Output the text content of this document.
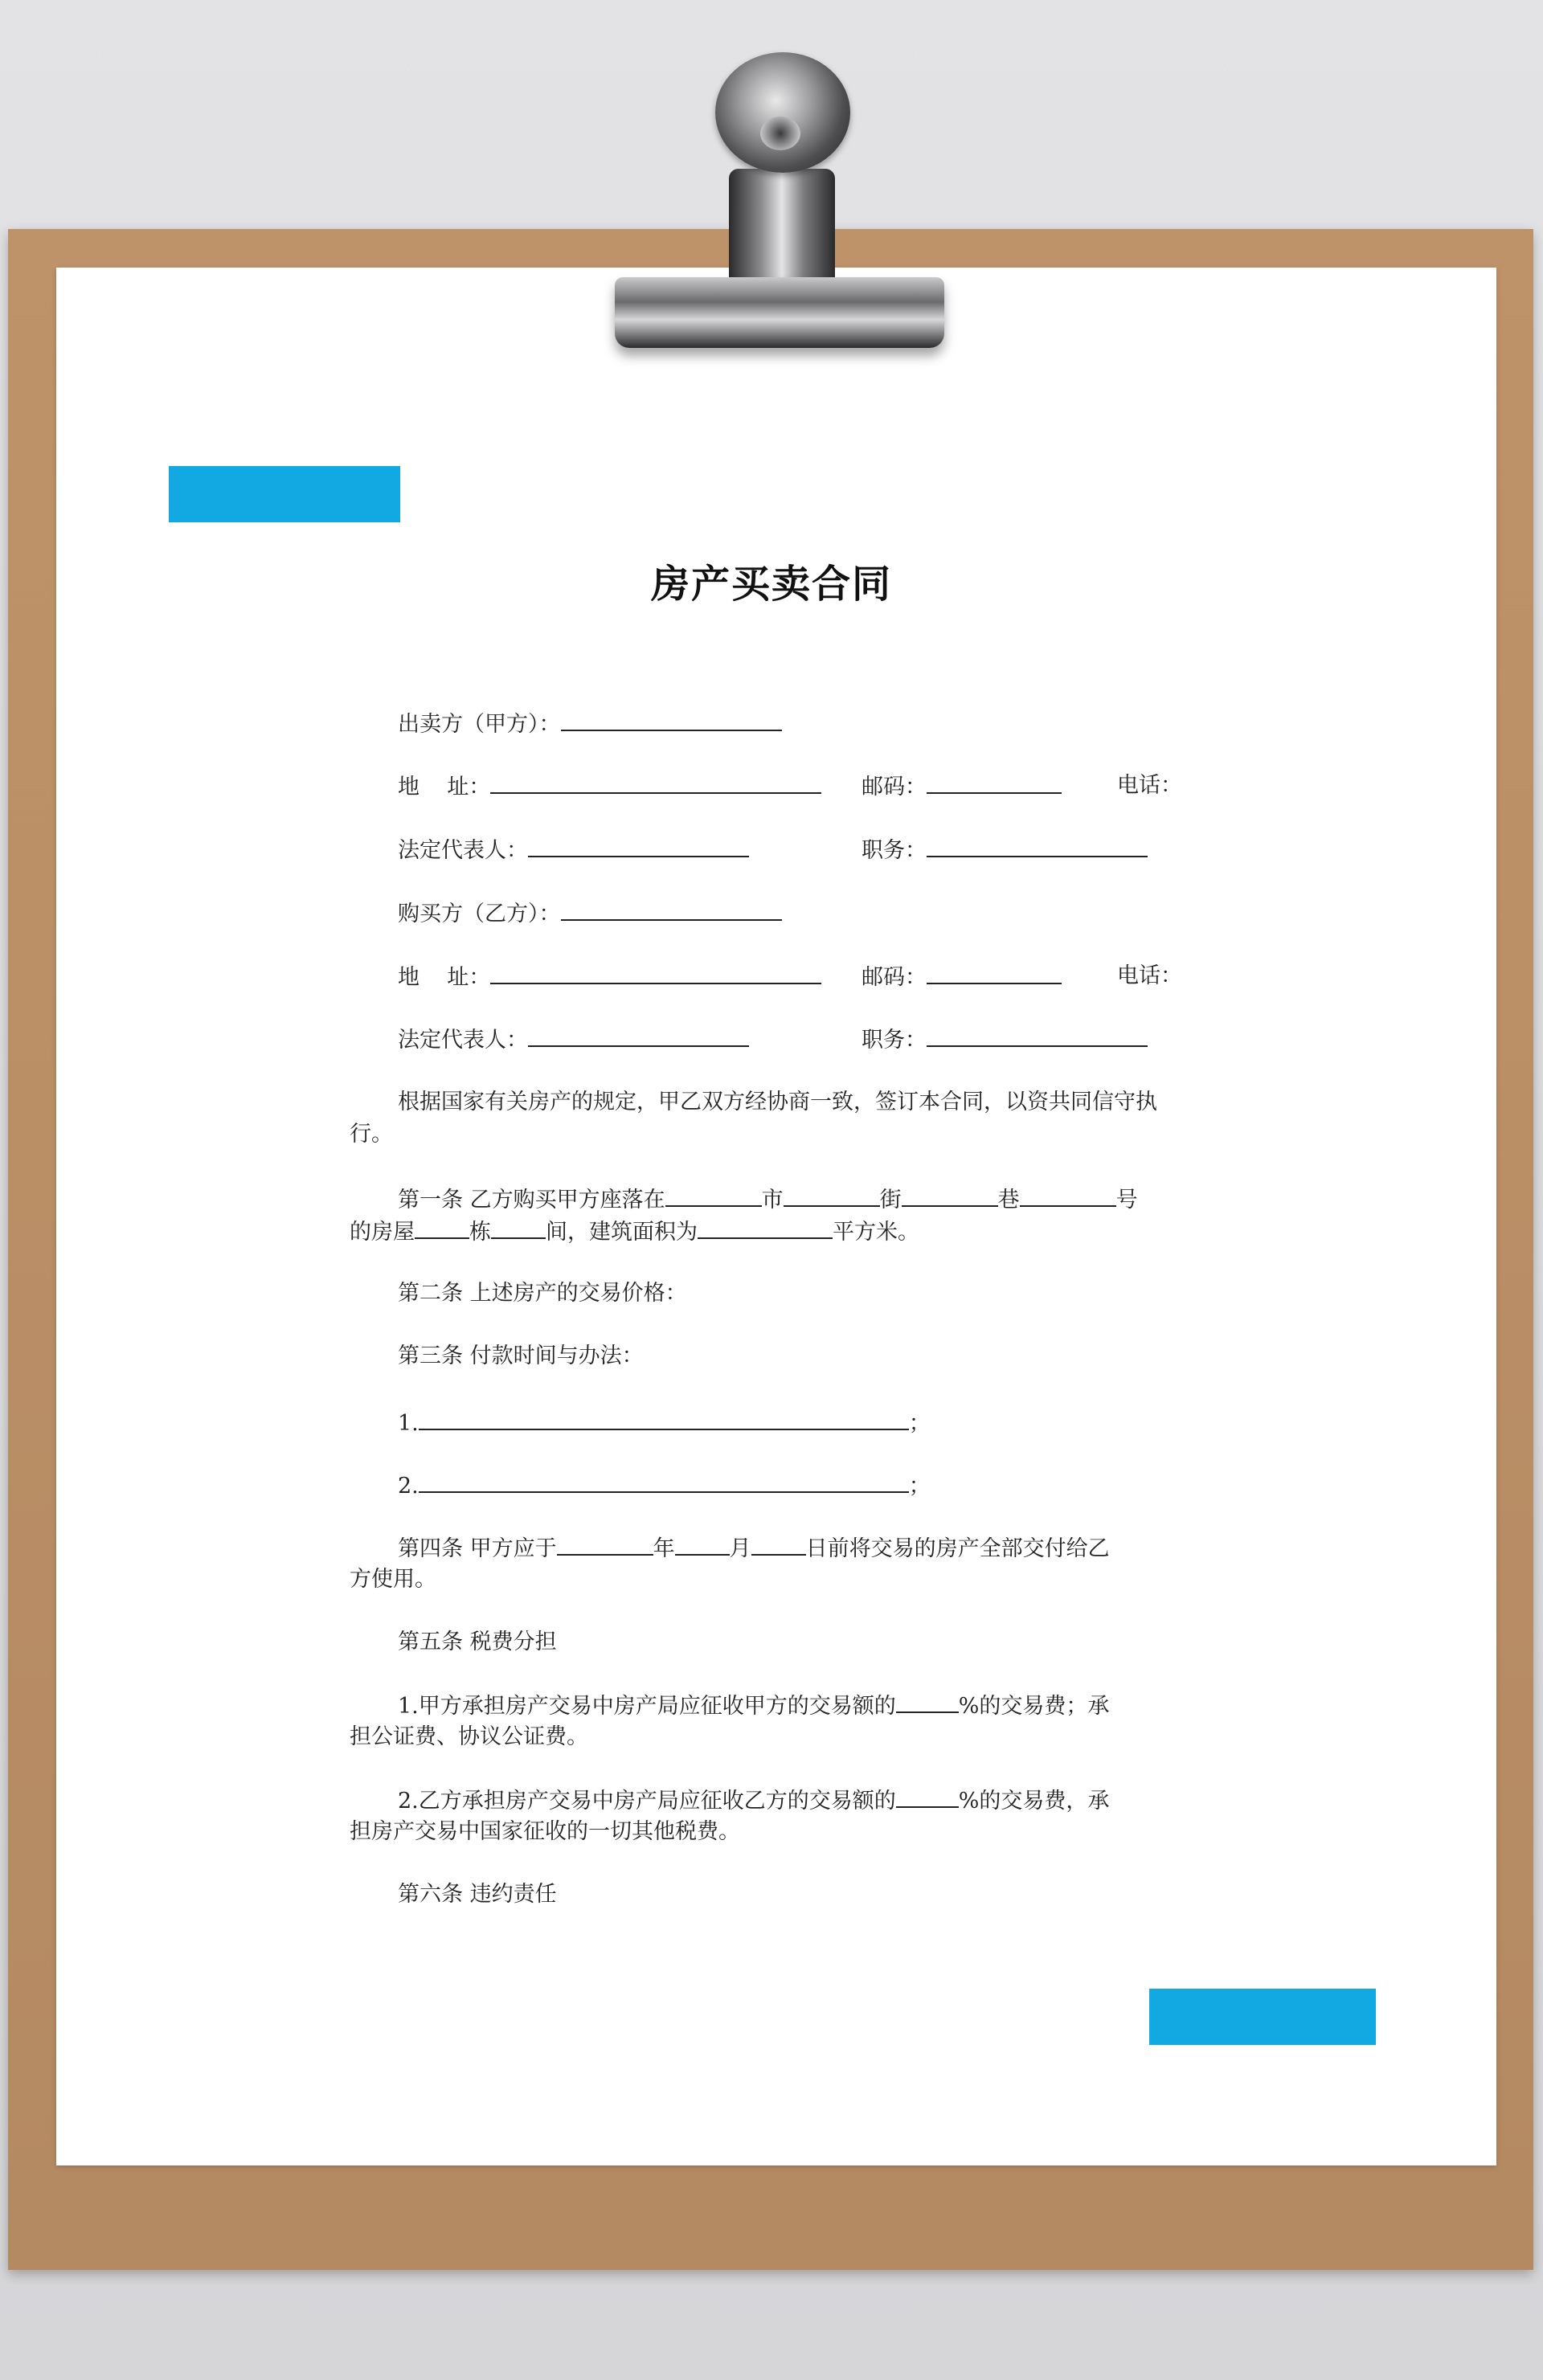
房产买卖合同
出卖方（甲方）：
地    址：	邮码：	电话：
法定代表人：	职务：
购买方（乙方）：
地    址：	邮码：	电话：
法定代表人：	职务：
根据国家有关房产的规定，甲乙双方经协商一致，签订本合同，以资共同信守执行。
第一条 乙方购买甲方座落在	市	街	巷	号
的房屋	栋	间，建筑面积为	平方米。
第二条 上述房产的交易价格：
第三条 付款时间与办法：
1.	；
2.	；
第四条 甲方应于	年	月	日前将交易的房产全部交付给乙
方使用。
第五条 税费分担
1.甲方承担房产交易中房产局应征收甲方的交易额的	%的交易费；承
担公证费、协议公证费。
2.乙方承担房产交易中房产局应征收乙方的交易额的	%的交易费，承
担房产交易中国家征收的一切其他税费。
第六条 违约责任
